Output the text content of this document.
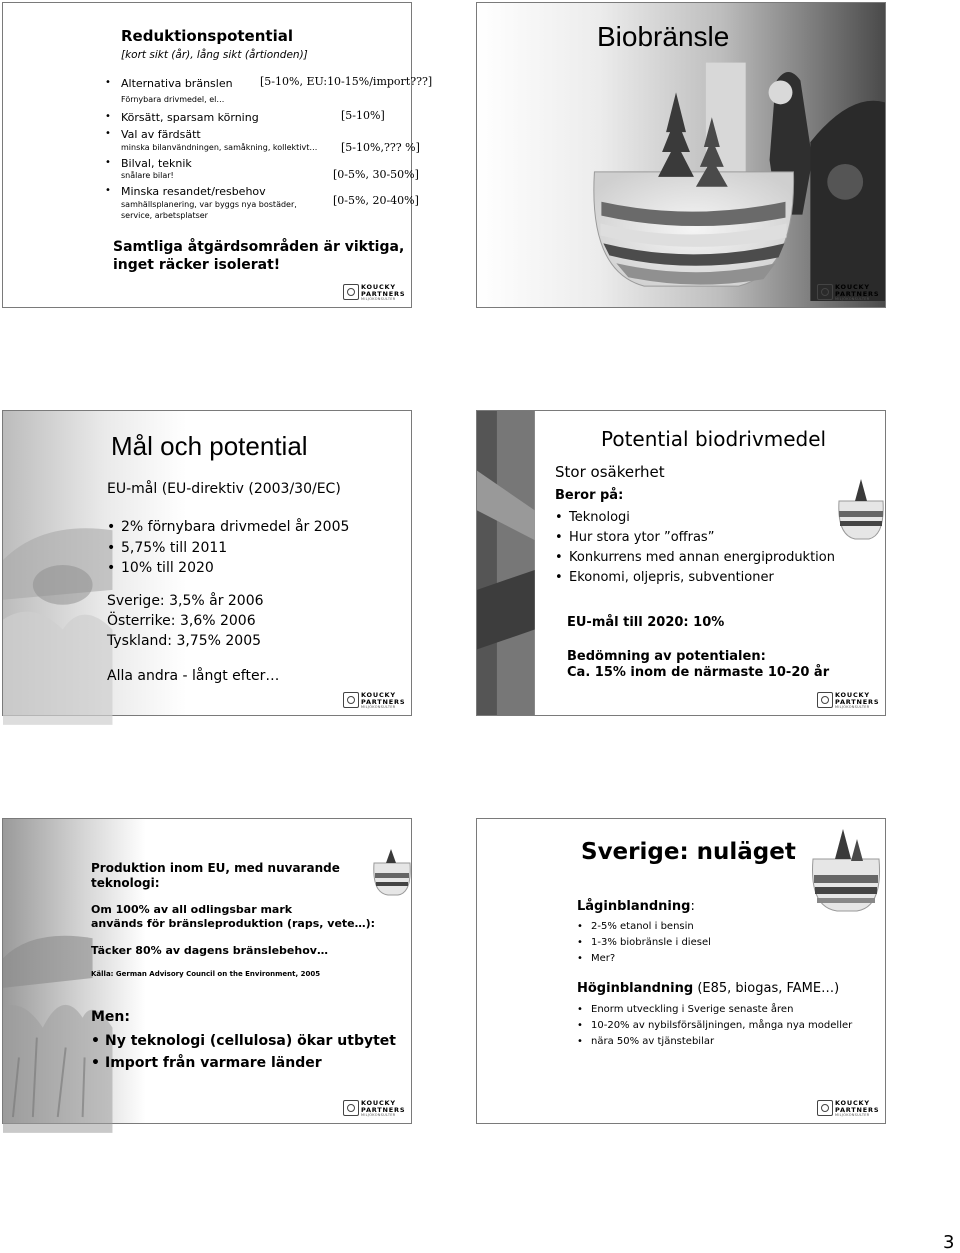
Reduktionspotential
[kort sikt (år), lång sikt (årtionden)]
• Alternativa bränslen [5-10%, EU:10-15%/import???]
Förnybara drivmedel, el…
• Körsätt, sparsam körning	[5-10%]
• Val av färdsätt
minska bilanvändningen, samåkning, kollektivt… [5-10%,??? %]
• Bilval, teknik
snålare bilar!	[0-5%, 30-50%]
• Minska resandet/resbehov
[0-5%, 20-40%]
samhällsplanering, var byggs nya bostäder,
service, arbetsplatser
Samtliga åtgärdsområden är viktiga,
inget räcker isolerat!
KOUCKY
PARTNERS
MILJÖKONSULTER
Biobränsle
KOUCKY
PARTNERS
MILJÖKONSULTER
Mål och potential
EU-mål (EU-direktiv (2003/30/EC)
• 2% förnybara drivmedel år 2005
• 5,75% till 2011
• 10% till 2020
Sverige: 3,5% år 2006
Österrike: 3,6% 2006
Tyskland: 3,75% 2005
Alla andra - långt efter…
KOUCKY
PARTNERS
MILJÖKONSULTER
Potential biodrivmedel
Stor osäkerhet
Beror på:
• Teknologi
• Hur stora ytor ”offras”
• Konkurrens med annan energiproduktion
• Ekonomi, oljepris, subventioner
EU-mål till 2020: 10%
Bedömning av potentialen:
Ca. 15% inom de närmaste 10-20 år
KOUCKY
PARTNERS
MILJÖKONSULTER
Produktion inom EU, med nuvarande
teknologi:
Om 100% av all odlingsbar mark
används för bränsleproduktion (raps, vete…):
Täcker 80% av dagens bränslebehov…
Källa: German Advisory Council on the Environment, 2005
Men:
• Ny teknologi (cellulosa) ökar utbytet
• Import från varmare länder
KOUCKY
PARTNERS
MILJÖKONSULTER
Sverige: nuläget
Låginblandning:
• 2-5% etanol i bensin
• 1-3% biobränsle i diesel
• Mer?
Höginblandning (E85, biogas, FAME…)
• Enorm utveckling i Sverige senaste åren
• 10-20% av nybilsförsäljningen, många nya modeller
• nära 50% av tjänstebilar
KOUCKY
PARTNERS
MILJÖKONSULTER
3
